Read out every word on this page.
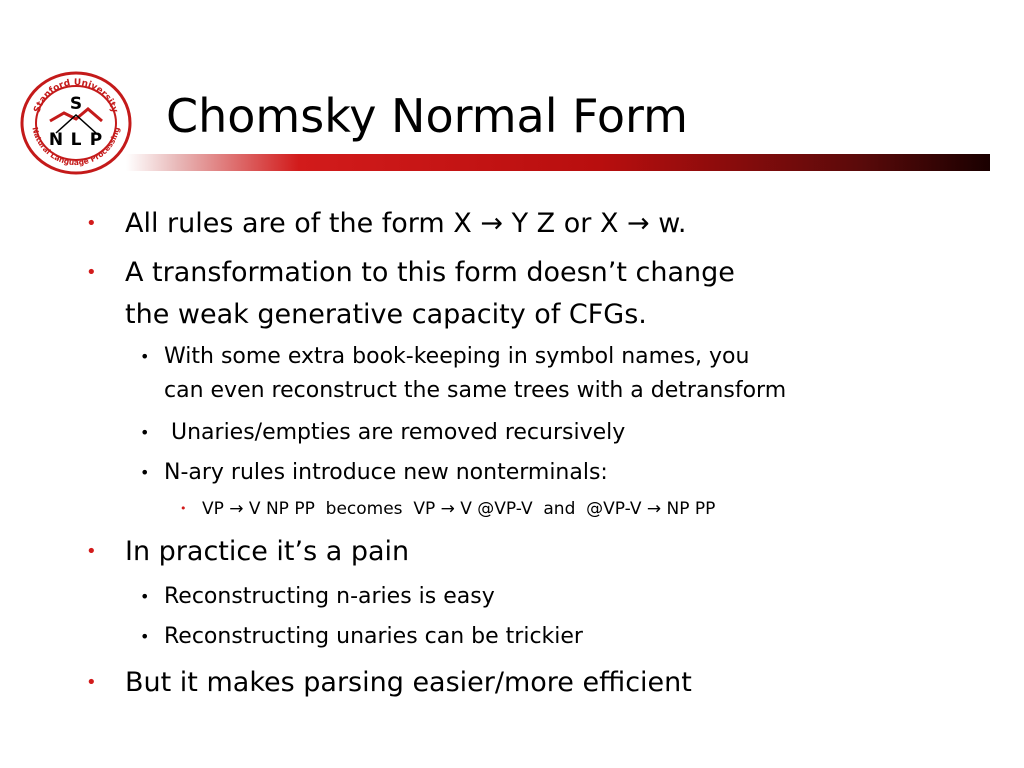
Stanford University
Natural Language Processing
S
N L P Chomsky Normal Form
• All rules are of the form X → Y Z or X → w.
• A transformation to this form doesn’t change
the weak generative capacity of CFGs.
• With some extra book-keeping in symbol names, you
can even reconstruct the same trees with a detransform
• Unaries/empties are removed recursively
• N-ary rules introduce new nonterminals:
• VP → V NP PP  becomes  VP → V @VP-V  and  @VP-V → NP PP
• In practice it’s a pain
• Reconstructing n-aries is easy
• Reconstructing unaries can be trickier
• But it makes parsing easier/more efficient
